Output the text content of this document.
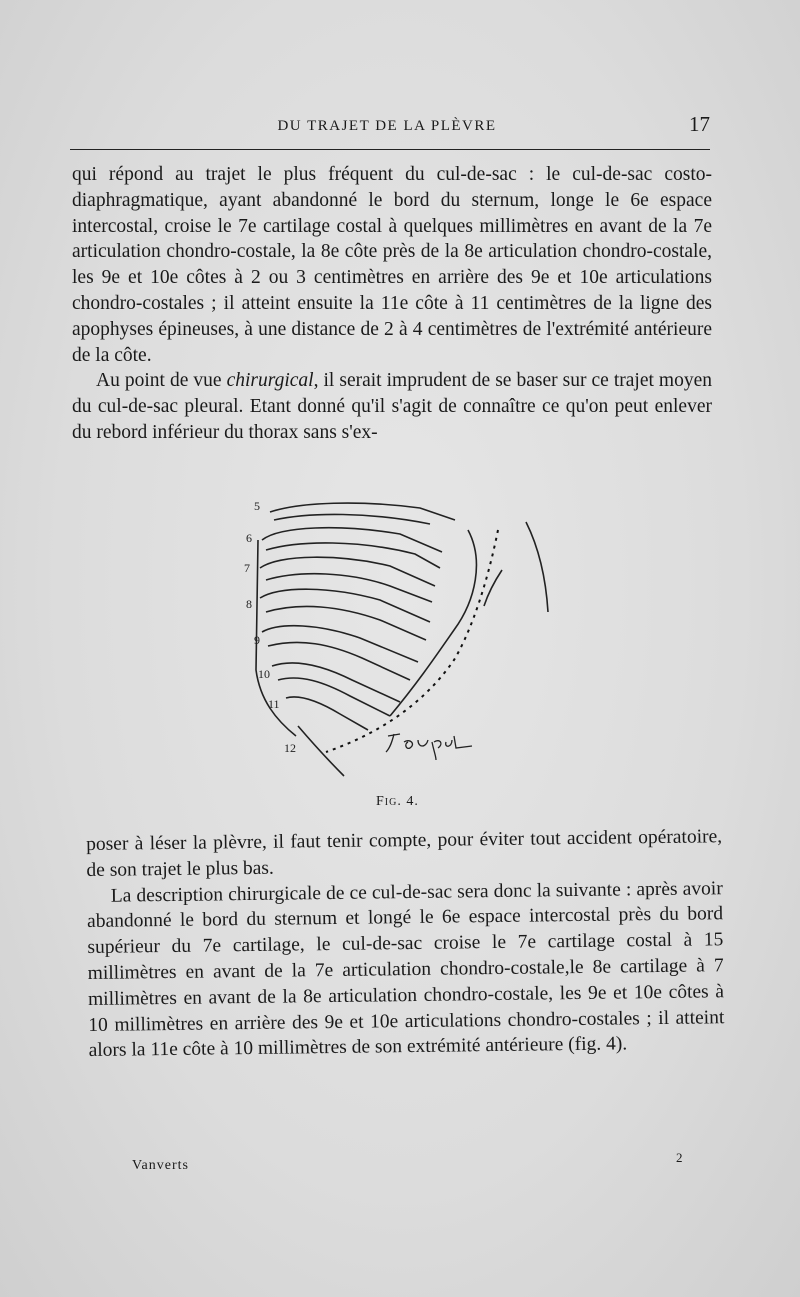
DU TRAJET DE LA PLÈVRE	17

qui répond au trajet le plus fréquent du cul-de-sac : le cul-de-sac costo-diaphragmatique, ayant abandonné le bord du sternum, longe le 6e espace intercostal, croise le 7e cartilage costal à quelques millimètres en avant de la 7e articulation chondro-costale, la 8e côte près de la 8e articulation chondro-costale, les 9e et 10e côtes à 2 ou 3 centimètres en arrière des 9e et 10e articulations chondro-costales ; il atteint ensuite la 11e côte à 11 centimètres de la ligne des apophyses épineuses, à une distance de 2 à 4 centimètres de l'extrémité antérieure de la côte.

Au point de vue chirurgical, il serait imprudent de se baser sur ce trajet moyen du cul-de-sac pleural. Etant donné qu'il s'agit de connaître ce qu'on peut enlever du rebord inférieur du thorax sans s'ex-

5
6
7
8
9
10
11
12
Fig. 4.

poser à léser la plèvre, il faut tenir compte, pour éviter tout accident opératoire, de son trajet le plus bas.

La description chirurgicale de ce cul-de-sac sera donc la suivante : après avoir abandonné le bord du sternum et longé le 6e espace intercostal près du bord supérieur du 7e cartilage, le cul-de-sac croise le 7e cartilage costal à 15 millimètres en avant de la 7e articulation chondro-costale,le 8e cartilage à 7 millimètres en avant de la 8e articulation chondro-costale, les 9e et 10e côtes à 10 millimètres en arrière des 9e et 10e articulations chondro-costales ; il atteint alors la 11e côte à 10 millimètres de son extrémité antérieure (fig. 4).

Vanverts
2
